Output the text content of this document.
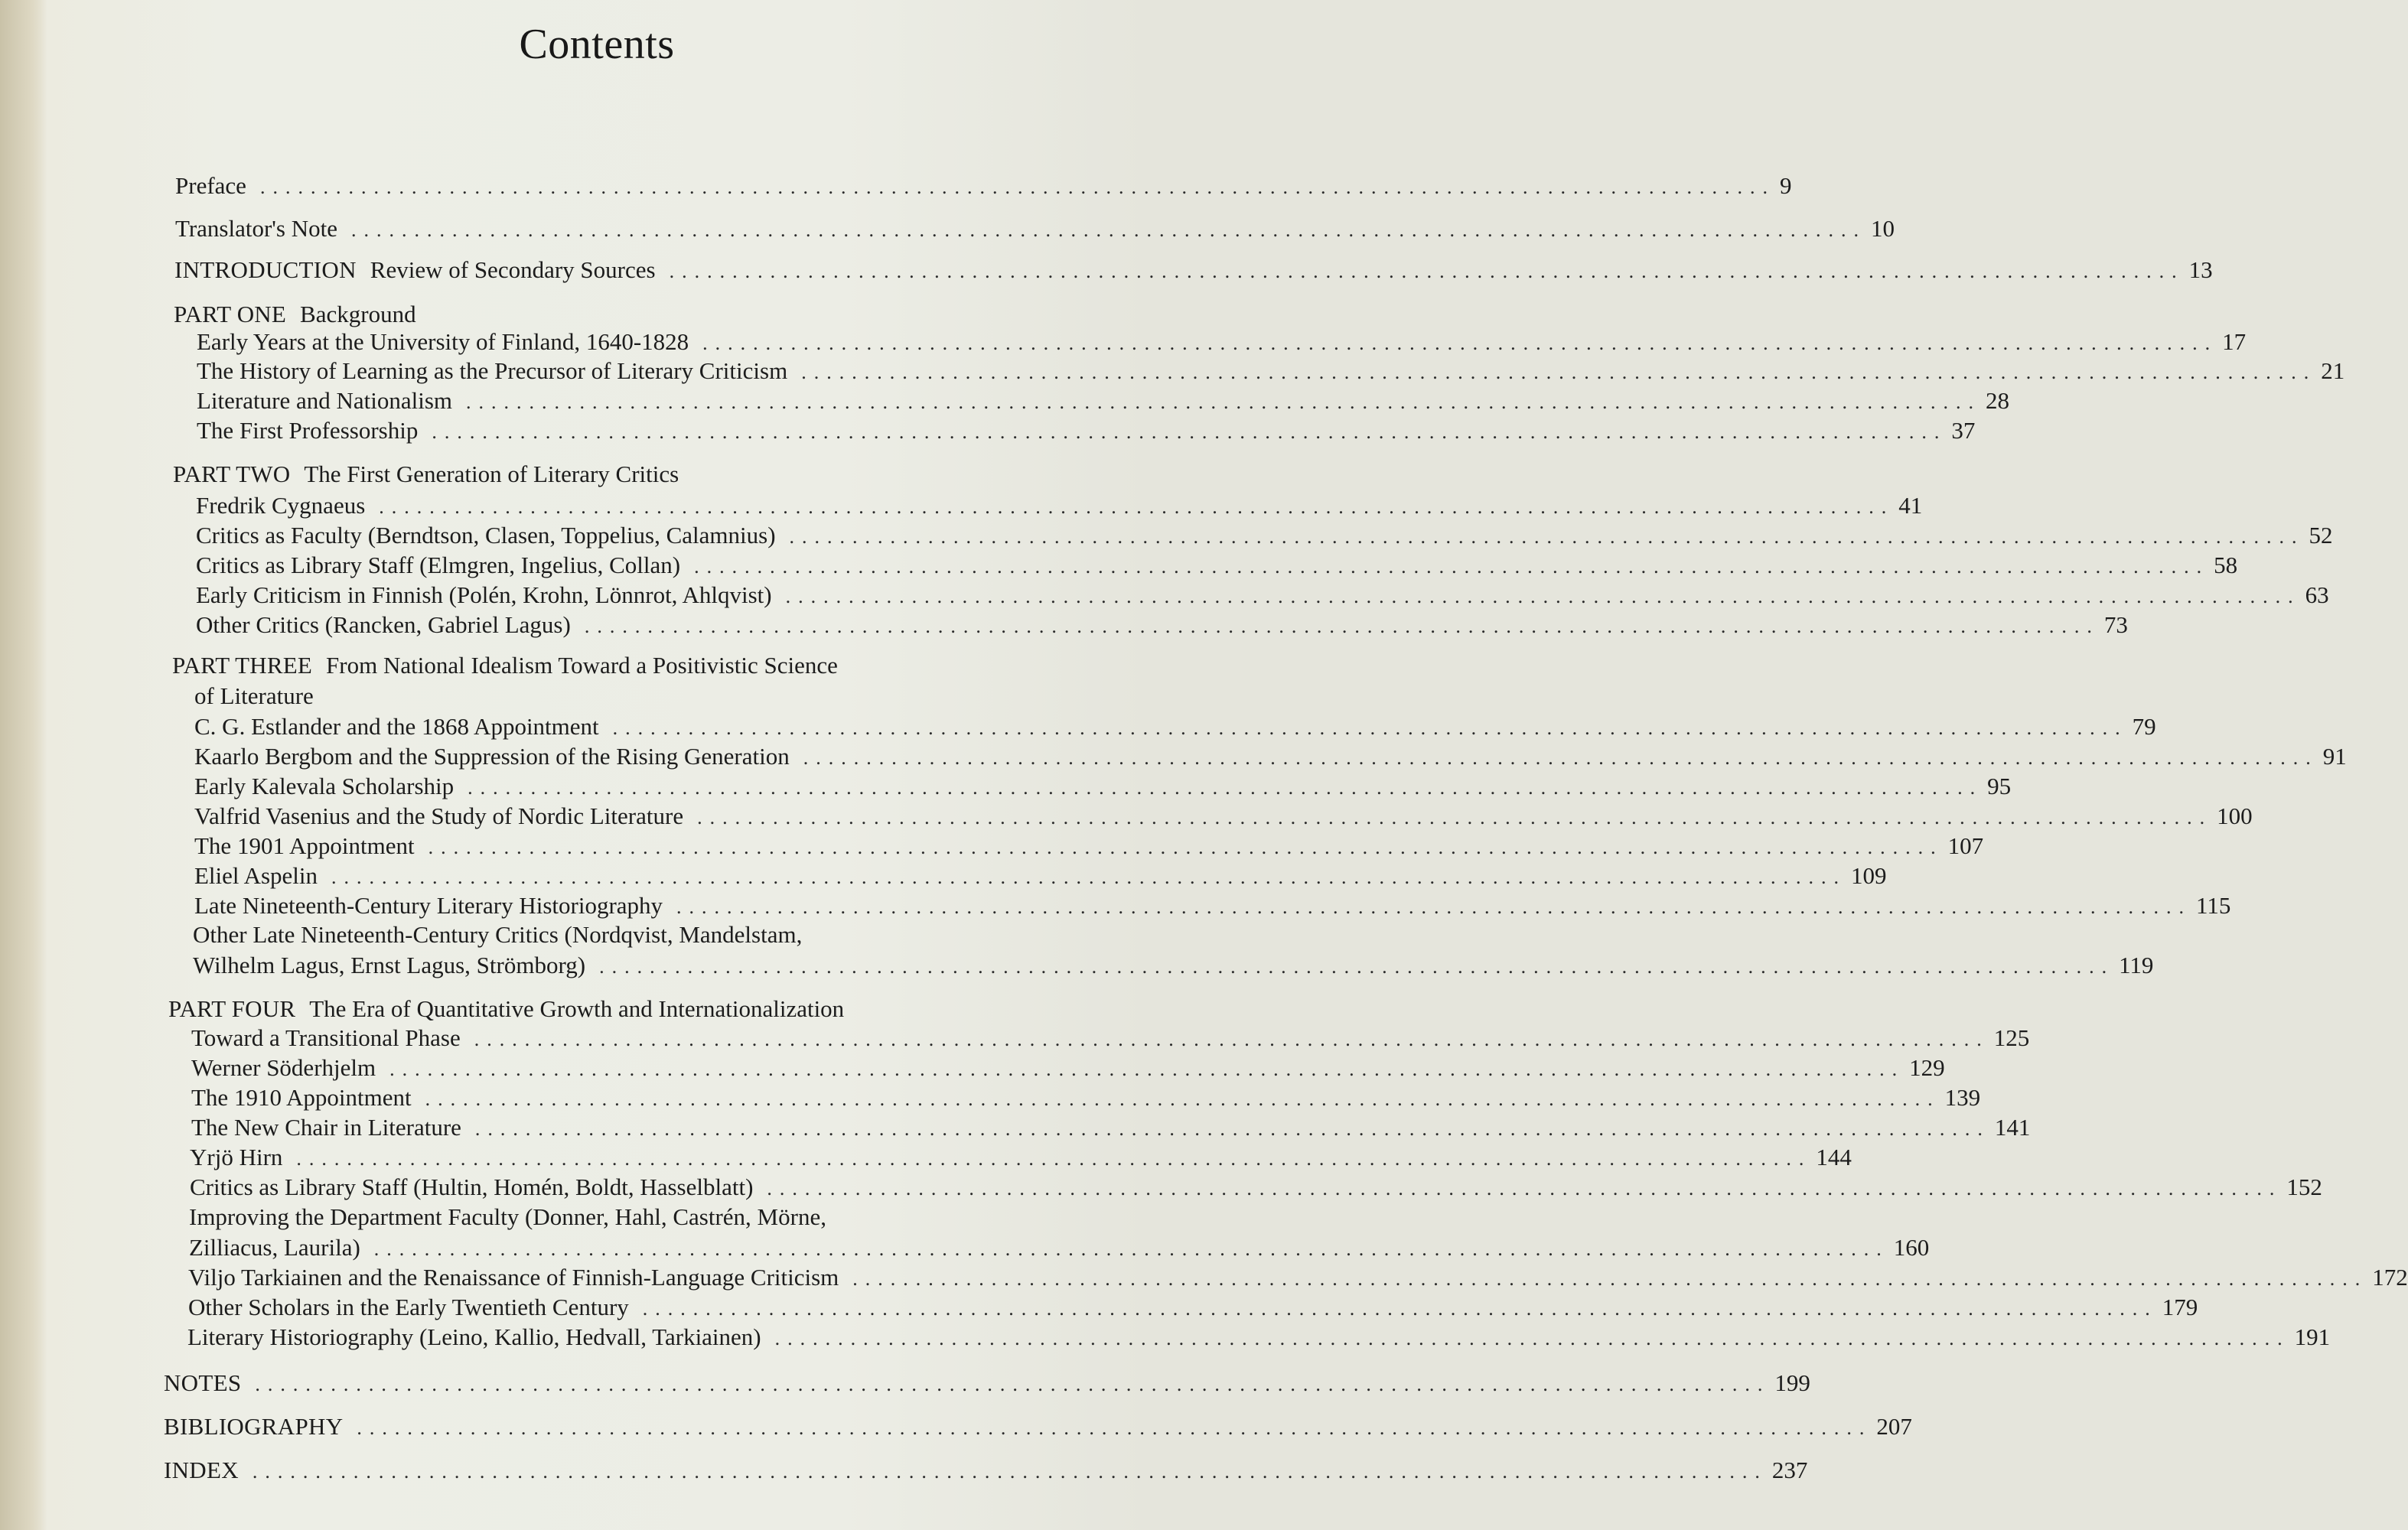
Contents
Preface ........................................................................................................................ 9
Translator's Note ........................................................................................................................ 10
INTRODUCTION Review of Secondary Sources ........................................................................................................................ 13
PART ONE Background
Early Years at the University of Finland, 1640-1828 ........................................................................................................................ 17
The History of Learning as the Precursor of Literary Criticism ........................................................................................................................ 21
Literature and Nationalism ........................................................................................................................ 28
The First Professorship ........................................................................................................................ 37
PART TWO The First Generation of Literary Critics
Fredrik Cygnaeus ........................................................................................................................ 41
Critics as Faculty (Berndtson, Clasen, Toppelius, Calamnius) ........................................................................................................................ 52
Critics as Library Staff (Elmgren, Ingelius, Collan) ........................................................................................................................ 58
Early Criticism in Finnish (Polén, Krohn, Lönnrot, Ahlqvist) ........................................................................................................................ 63
Other Critics (Rancken, Gabriel Lagus) ........................................................................................................................ 73
PART THREE From National Idealism Toward a Positivistic Science
of Literature
C. G. Estlander and the 1868 Appointment ........................................................................................................................ 79
Kaarlo Bergbom and the Suppression of the Rising Generation ........................................................................................................................ 91
Early Kalevala Scholarship ........................................................................................................................ 95
Valfrid Vasenius and the Study of Nordic Literature ........................................................................................................................ 100
The 1901 Appointment ........................................................................................................................ 107
Eliel Aspelin ........................................................................................................................ 109
Late Nineteenth-Century Literary Historiography ........................................................................................................................ 115
Other Late Nineteenth-Century Critics (Nordqvist, Mandelstam,
Wilhelm Lagus, Ernst Lagus, Strömborg) ........................................................................................................................ 119
PART FOUR The Era of Quantitative Growth and Internationalization
Toward a Transitional Phase ........................................................................................................................ 125
Werner Söderhjelm ........................................................................................................................ 129
The 1910 Appointment ........................................................................................................................ 139
The New Chair in Literature ........................................................................................................................ 141
Yrjö Hirn ........................................................................................................................ 144
Critics as Library Staff (Hultin, Homén, Boldt, Hasselblatt) ........................................................................................................................ 152
Improving the Department Faculty (Donner, Hahl, Castrén, Mörne,
Zilliacus, Laurila) ........................................................................................................................ 160
Viljo Tarkiainen and the Renaissance of Finnish-Language Criticism ........................................................................................................................ 172
Other Scholars in the Early Twentieth Century ........................................................................................................................ 179
Literary Historiography (Leino, Kallio, Hedvall, Tarkiainen) ........................................................................................................................ 191
NOTES ........................................................................................................................ 199
BIBLIOGRAPHY ........................................................................................................................ 207
INDEX ........................................................................................................................ 237
